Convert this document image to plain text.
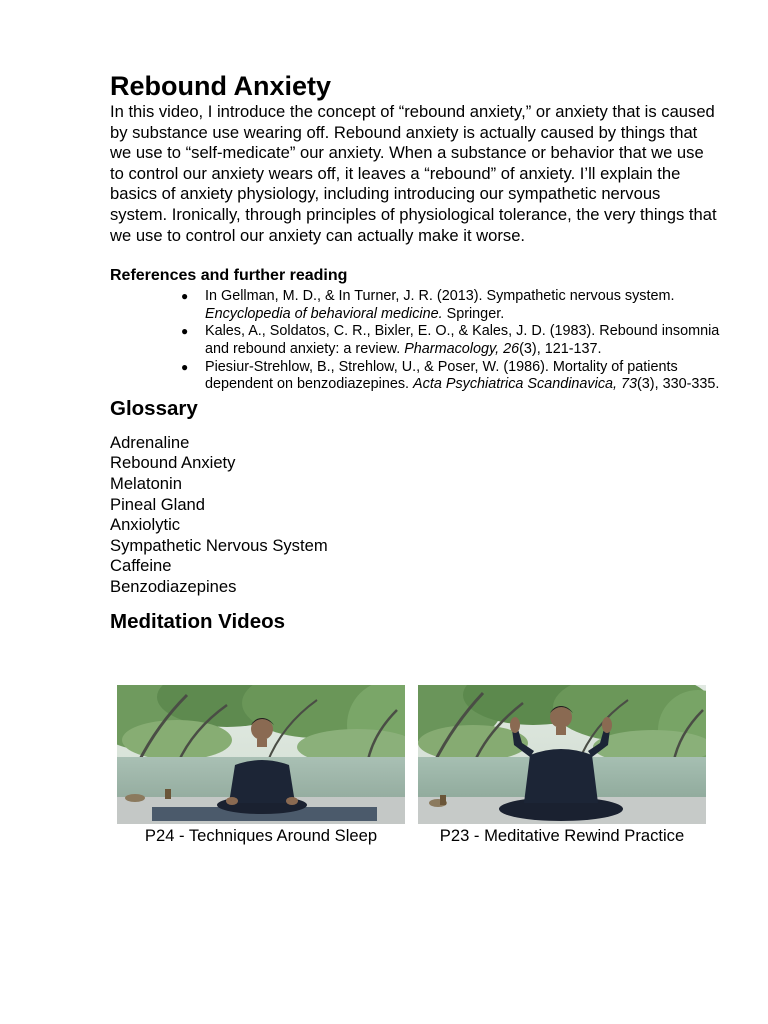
Rebound Anxiety

In this video, I introduce the concept of “rebound anxiety,” or anxiety that is caused by substance use wearing off. Rebound anxiety is actually caused by things that we use to “self-medicate” our anxiety. When a substance or behavior that we use to control our anxiety wears off, it leaves a “rebound” of anxiety. I’ll explain the basics of anxiety physiology, including introducing our sympathetic nervous system. Ironically, through principles of physiological tolerance, the very things that we use to control our anxiety can actually make it worse.

References and further reading
● In Gellman, M. D., & In Turner, J. R. (2013). Sympathetic nervous system. Encyclopedia of behavioral medicine. Springer.
● Kales, A., Soldatos, C. R., Bixler, E. O., & Kales, J. D. (1983). Rebound insomnia and rebound anxiety: a review. Pharmacology, 26(3), 121-137.
● Piesiur-Strehlow, B., Strehlow, U., & Poser, W. (1986). Mortality of patients dependent on benzodiazepines. Acta Psychiatrica Scandinavica, 73(3), 330-335.
Glossary
Adrenaline
Rebound Anxiety
Melatonin
Pineal Gland
Anxiolytic
Sympathetic Nervous System
Caffeine
Benzodiazepines
Meditation Videos
P24 - Techniques Around Sleep	P23 - Meditative Rewind Practice
